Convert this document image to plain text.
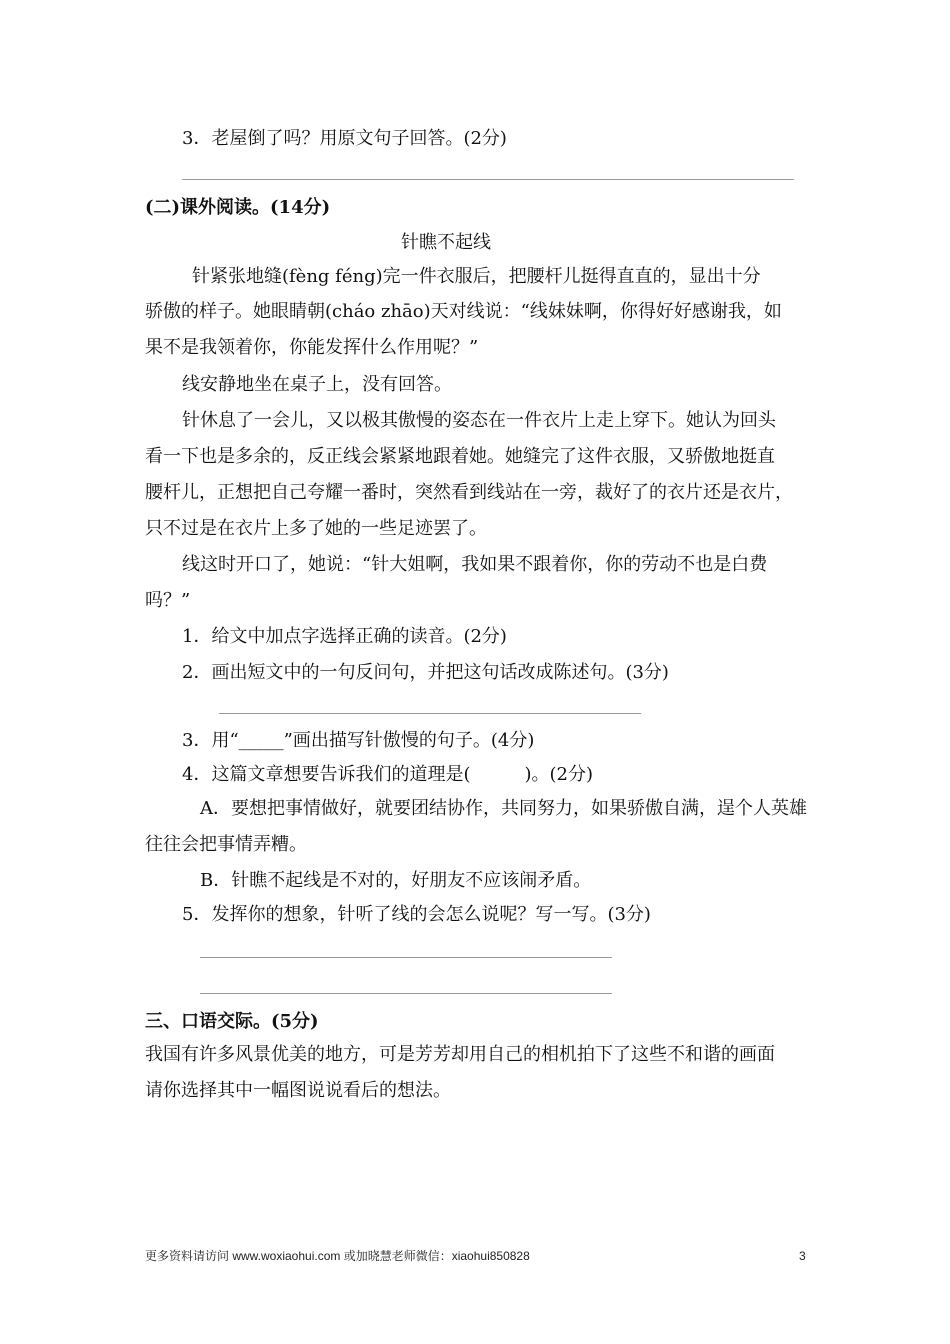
3．老屋倒了吗？用原文句子回答。(2分)
(二)课外阅读。(14分)
针瞧不起线
针紧张地缝(fèng féng)完一件衣服后，把腰杆儿挺得直直的，显出十分
骄傲的样子。她眼睛朝(cháo zhāo)天对线说：“线妹妹啊，你得好好感谢我，如
果不是我领着你，你能发挥什么作用呢？”
线安静地坐在桌子上，没有回答。
针休息了一会儿，又以极其傲慢的姿态在一件衣片上走上穿下。她认为回头
看一下也是多余的，反正线会紧紧地跟着她。她缝完了这件衣服，又骄傲地挺直
腰杆儿，正想把自己夸耀一番时，突然看到线站在一旁，裁好了的衣片还是衣片，
只不过是在衣片上多了她的一些足迹罢了。
线这时开口了，她说：“针大姐啊，我如果不跟着你，你的劳动不也是白费
吗？”
1．给文中加点字选择正确的读音。(2分)
2．画出短文中的一句反问句，并把这句话改成陈述句。(3分)
3．用“_____”画出描写针傲慢的句子。(4分)
4．这篇文章想要告诉我们的道理是(　　　)。(2分)
A．要想把事情做好，就要团结协作，共同努力，如果骄傲自满，逞个人英雄
往往会把事情弄糟。
B．针瞧不起线是不对的，好朋友不应该闹矛盾。
5．发挥你的想象，针听了线的会怎么说呢？写一写。(3分)
三、口语交际。(5分)
我国有许多风景优美的地方，可是芳芳却用自己的相机拍下了这些不和谐的画面
请你选择其中一幅图说说看后的想法。
更多资料请访问 www.woxiaohui.com 或加晓慧老师微信：xiaohui850828	3
